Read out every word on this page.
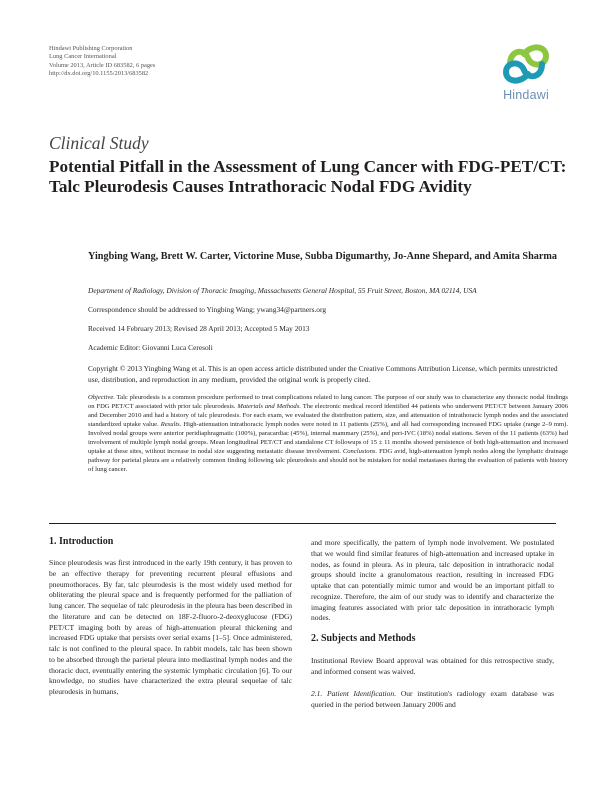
Hindawi Publishing Corporation
Lung Cancer International
Volume 2013, Article ID 683582, 6 pages
http://dx.doi.org/10.1155/2013/683582
Hindawi
Clinical Study
Potential Pitfall in the Assessment of Lung Cancer with FDG-PET/CT: Talc Pleurodesis Causes Intrathoracic Nodal FDG Avidity
Yingbing Wang, Brett W. Carter, Victorine Muse, Subba Digumarthy, Jo-Anne Shepard, and Amita Sharma
Department of Radiology, Division of Thoracic Imaging, Massachusetts General Hospital, 55 Fruit Street, Boston, MA 02114, USA
Correspondence should be addressed to Yingbing Wang; ywang34@partners.org
Received 14 February 2013; Revised 28 April 2013; Accepted 5 May 2013
Academic Editor: Giovanni Luca Ceresoli
Copyright © 2013 Yingbing Wang et al. This is an open access article distributed under the Creative Commons Attribution License, which permits unrestricted use, distribution, and reproduction in any medium, provided the original work is properly cited.
Objective. Talc pleurodesis is a common procedure performed to treat complications related to lung cancer. The purpose of our study was to characterize any thoracic nodal findings on FDG PET/CT associated with prior talc pleurodesis. Materials and Methods. The electronic medical record identified 44 patients who underwent PET/CT between January 2006 and December 2010 and had a history of talc pleurodesis. For each exam, we evaluated the distribution pattern, size, and attenuation of intrathoracic lymph nodes and the associated standardized uptake value. Results. High-attenuation intrathoracic lymph nodes were noted in 11 patients (25%), and all had corresponding increased FDG uptake (range 2–9 mm). Involved nodal groups were anterior peridiaphragmatic (100%), paracardiac (45%), internal mammary (25%), and peri-IVC (18%) nodal stations. Seven of the 11 patients (63%) had involvement of multiple lymph nodal groups. Mean longitudinal PET/CT and standalone CT followups of 15 ± 11 months showed persistence of both high-attenuation and increased uptake at these sites, without increase in nodal size suggesting metastatic disease involvement. Conclusions. FDG avid, high-attenuation lymph nodes along the lymphatic drainage pathway for parietal pleura are a relatively common finding following talc pleurodesis and should not be mistaken for nodal metastases during the evaluation of patients with history of lung cancer.
1. Introduction
Since pleurodesis was first introduced in the early 19th century, it has proven to be an effective therapy for preventing recurrent pleural effusions and pneumothoraces. By far, talc pleurodesis is the most widely used method for obliterating the pleural space and is frequently performed for the palliation of lung cancer. The sequelae of talc pleurodesis in the pleura has been described in the literature and can be detected on 18F-2-fluoro-2-deoxyglucose (FDG) PET/CT imaging both by areas of high-attenuation pleural thickening and increased FDG uptake that persists over serial exams [1–5]. Once administered, talc is not confined to the pleural space. In rabbit models, talc has been shown to be absorbed through the parietal pleura into mediastinal lymph nodes and the thoracic duct, eventually entering the systemic lymphatic circulation [6]. To our knowledge, no studies have characterized the extra pleural sequelae of talc pleurodesis in humans,
and more specifically, the pattern of lymph node involvement. We postulated that we would find similar features of high-attenuation and increased uptake in nodes, as found in pleura. As in pleura, talc deposition in intrathoracic nodal groups should incite a granulomatous reaction, resulting in increased FDG uptake that can potentially mimic tumor and would be an important pitfall to recognize. Therefore, the aim of our study was to identify and characterize the imaging features associated with prior talc deposition in intrathoracic lymph nodes.
2. Subjects and Methods
Institutional Review Board approval was obtained for this retrospective study, and informed consent was waived.
2.1. Patient Identification. Our institution's radiology exam database was queried in the period between January 2006 and
